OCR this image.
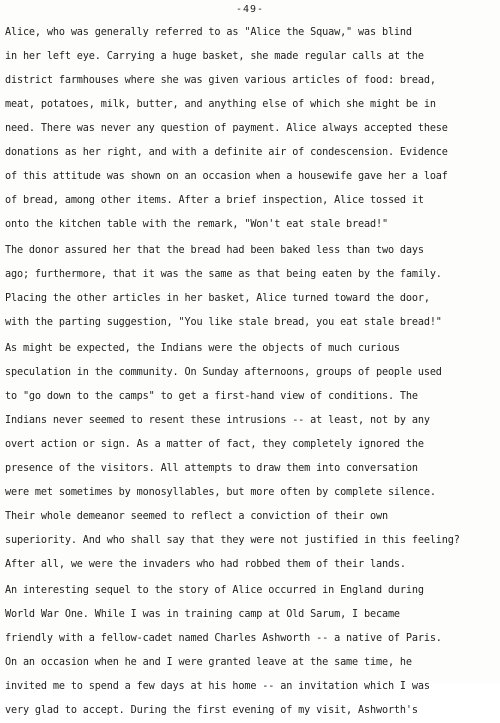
-49-
Alice, who was generally referred to as "Alice the Squaw," was blind
in her left eye. Carrying a huge basket, she made regular calls at the
district farmhouses where she was given various articles of food: bread,
meat, potatoes, milk, butter, and anything else of which she might be in
need. There was never any question of payment. Alice always accepted these
donations as her right, and with a definite air of condescension. Evidence
of this attitude was shown on an occasion when a housewife gave her a loaf
of bread, among other items. After a brief inspection, Alice tossed it
onto the kitchen table with the remark, "Won't eat stale bread!"
The donor assured her that the bread had been baked less than two days
ago; furthermore, that it was the same as that being eaten by the family.
Placing the other articles in her basket, Alice turned toward the door,
with the parting suggestion, "You like stale bread, you eat stale bread!"
As might be expected, the Indians were the objects of much curious
speculation in the community. On Sunday afternoons, groups of people used
to "go down to the camps" to get a first-hand view of conditions. The
Indians never seemed to resent these intrusions -- at least, not by any
overt action or sign. As a matter of fact, they completely ignored the
presence of the visitors. All attempts to draw them into conversation
were met sometimes by monosyllables, but more often by complete silence.
Their whole demeanor seemed to reflect a conviction of their own
superiority. And who shall say that they were not justified in this feeling?
After all, we were the invaders who had robbed them of their lands.
An interesting sequel to the story of Alice occurred in England during
World War One. While I was in training camp at Old Sarum, I became
friendly with a fellow-cadet named Charles Ashworth -- a native of Paris.
On an occasion when he and I were granted leave at the same time, he
invited me to spend a few days at his home -- an invitation which I was
very glad to accept. During the first evening of my visit, Ashworth's
